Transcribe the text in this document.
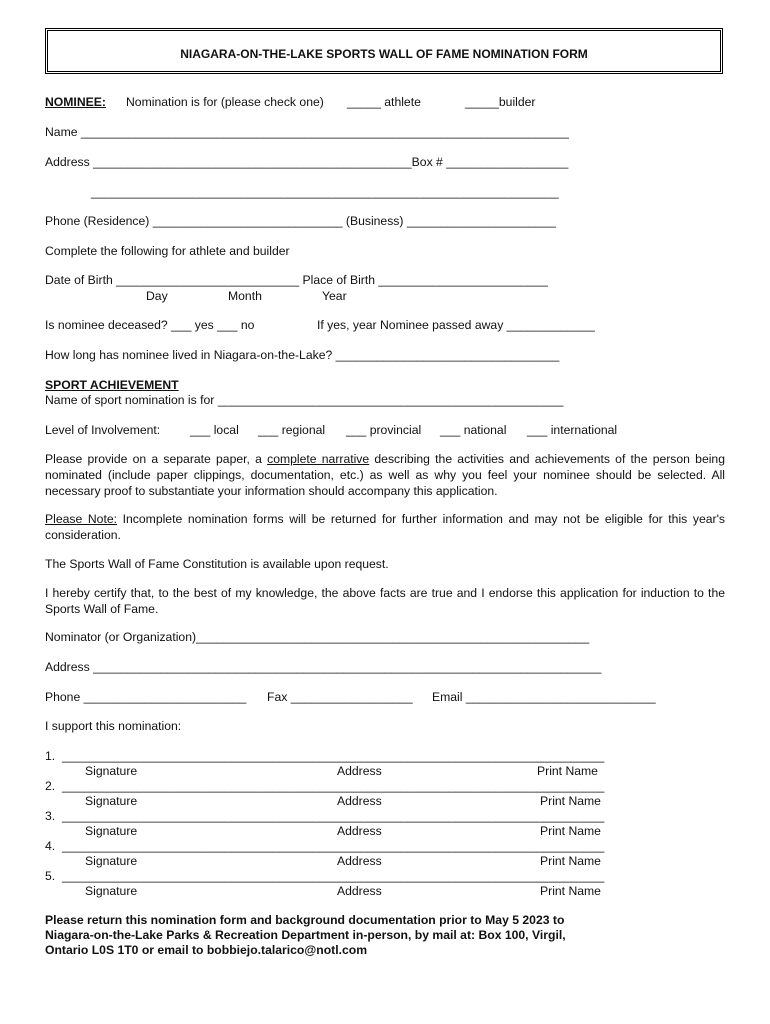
NIAGARA-ON-THE-LAKE SPORTS WALL OF FAME NOMINATION FORM
NOMINEE: Nomination is for (please check one) _____ athlete	_____builder
Name ________________________________________________________________________
Address _______________________________________________Box # __________________
_____________________________________________________________________
Phone (Residence) ____________________________ (Business) ______________________
Complete the following for athlete and builder
Date of Birth ___________________________ Place of Birth _________________________
Day	Month	Year
Is nominee deceased? ___ yes ___ no	If yes, year Nominee passed away _____________
How long has nominee lived in Niagara-on-the-Lake? _________________________________
SPORT ACHIEVEMENT
Name of sport nomination is for ___________________________________________________
Level of Involvement: ___ local ___ regional ___ provincial ___ national ___ international
Please provide on a separate paper, a complete narrative describing the activities and achievements of the person being nominated (include paper clippings, documentation, etc.) as well as why you feel your nominee should be selected. All necessary proof to substantiate your information should accompany this application.
Please Note: Incomplete nomination forms will be returned for further information and may not be eligible for this year's consideration.
The Sports Wall of Fame Constitution is available upon request.
I hereby certify that, to the best of my knowledge, the above facts are true and I endorse this application for induction to the Sports Wall of Fame.
Nominator (or Organization)__________________________________________________________
Address ___________________________________________________________________________
Phone ________________________ Fax __________________ Email ____________________________
I support this nomination:
1. ________________________________________________________________________________
Signature	Address	Print Name
2. ________________________________________________________________________________
Signature	Address	Print Name
3. ________________________________________________________________________________
Signature	Address	Print Name
4. ________________________________________________________________________________
Signature	Address	Print Name
5. ________________________________________________________________________________
Signature	Address	Print Name
Please return this nomination form and background documentation prior to May 5 2023 to
Niagara-on-the-Lake Parks & Recreation Department in-person, by mail at: Box 100, Virgil,
Ontario L0S 1T0 or email to bobbiejo.talarico@notl.com
